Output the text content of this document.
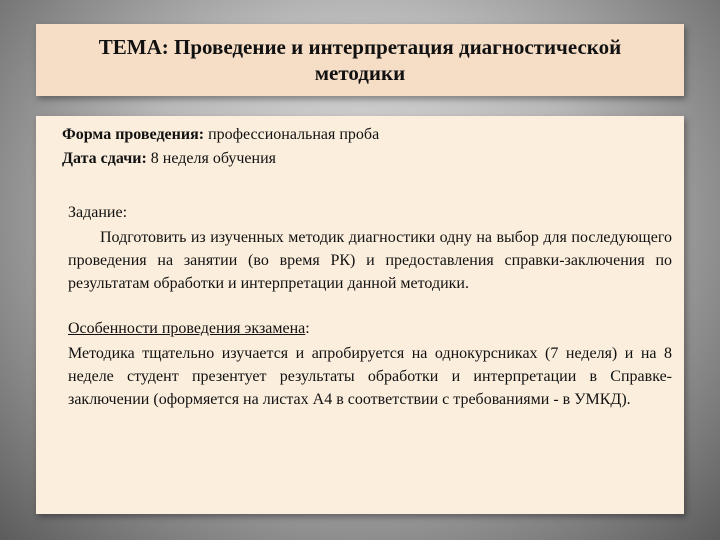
ТЕМА: Проведение и интерпретация диагностической методики
Форма проведения: профессиональная проба
Дата сдачи: 8 неделя обучения
Задание:
Подготовить из изученных методик диагностики одну на выбор для последующего проведения на занятии (во время РК) и предоставления справки-заключения по результатам обработки и интерпретации данной методики.
Особенности проведения экзамена:
Методика тщательно изучается и апробируется на однокурсниках (7 неделя) и на 8 неделе студент презентует результаты обработки и интерпретации в Справке-заключении (оформяется на листах А4 в соответствии с требованиями - в УМКД).
